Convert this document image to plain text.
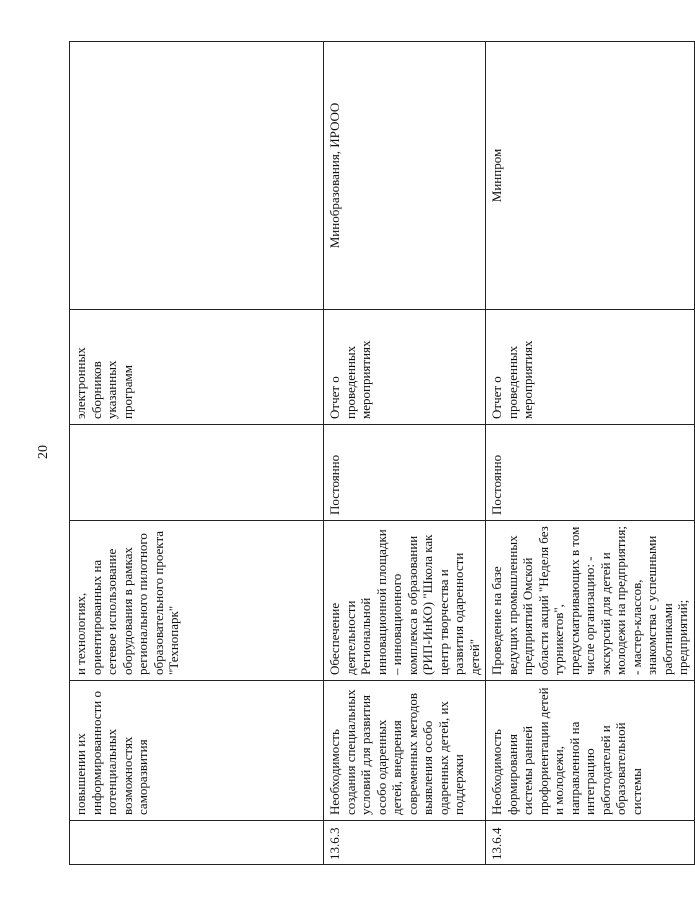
20
	повышении их информированности о потенциальных возможностях саморазвития	и технологиях, ориентированных на сетевое использование оборудования в рамках регионального пилотного образовательного проекта "Технопарк"		электронных сборников указанных программ	
13.6.3	Необходимость создания специальных условий для развития особо одаренных детей, внедрения современных методов выявления особо одаренных детей, их поддержки	Обеспечение деятельности Региональной инновационной площадки – инновационного комплекса в образовании (РИП-ИнКО) "Школа как центр творчества и развития одаренности детей"	Постоянно	Отчет о проведенных мероприятиях	Минобразования, ИРООО
13.6.4	Необходимость формирования системы ранней профориентации детей и молодежи, направленной на интеграцию работодателей и образовательной системы	Проведение на базе ведущих промышленных предприятий Омской области акций "Неделя без турникетов", предусматривающих в том числе организацию: - экскурсий для детей и молодежи на предприятия; - мастер-классов, знакомства с успешными работниками предприятий;	Постоянно	Отчет о проведенных мероприятиях	Минпром
